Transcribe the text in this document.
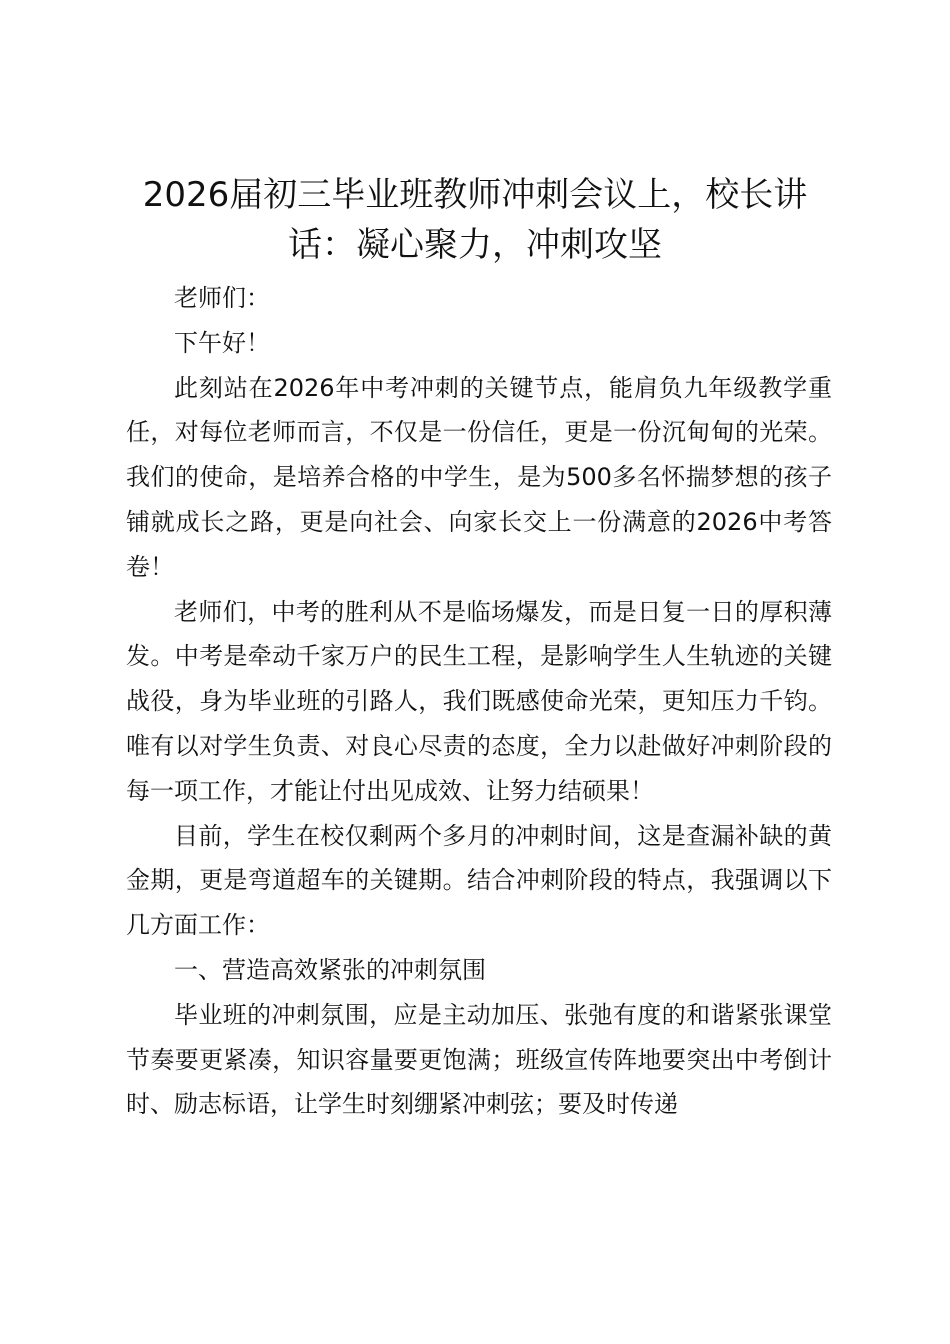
2026届初三毕业班教师冲刺会议上，校长讲话：凝心聚力，冲刺攻坚

老师们：

下午好！

此刻站在2026年中考冲刺的关键节点，能肩负九年级教学重任，对每位老师而言，不仅是一份信任，更是一份沉甸甸的光荣。我们的使命，是培养合格的中学生，是为500多名怀揣梦想的孩子铺就成长之路，更是向社会、向家长交上一份满意的2026中考答卷！

老师们，中考的胜利从不是临场爆发，而是日复一日的厚积薄发。中考是牵动千家万户的民生工程，是影响学生人生轨迹的关键战役，身为毕业班的引路人，我们既感使命光荣，更知压力千钧。唯有以对学生负责、对良心尽责的态度，全力以赴做好冲刺阶段的每一项工作，才能让付出见成效、让努力结硕果！

目前，学生在校仅剩两个多月的冲刺时间，这是查漏补缺的黄金期，更是弯道超车的关键期。结合冲刺阶段的特点，我强调以下几方面工作：

一、营造高效紧张的冲刺氛围

毕业班的冲刺氛围，应是主动加压、张弛有度的和谐紧张课堂节奏要更紧凑，知识容量要更饱满；班级宣传阵地要突出中考倒计时、励志标语，让学生时刻绷紧冲刺弦；要及时传递
